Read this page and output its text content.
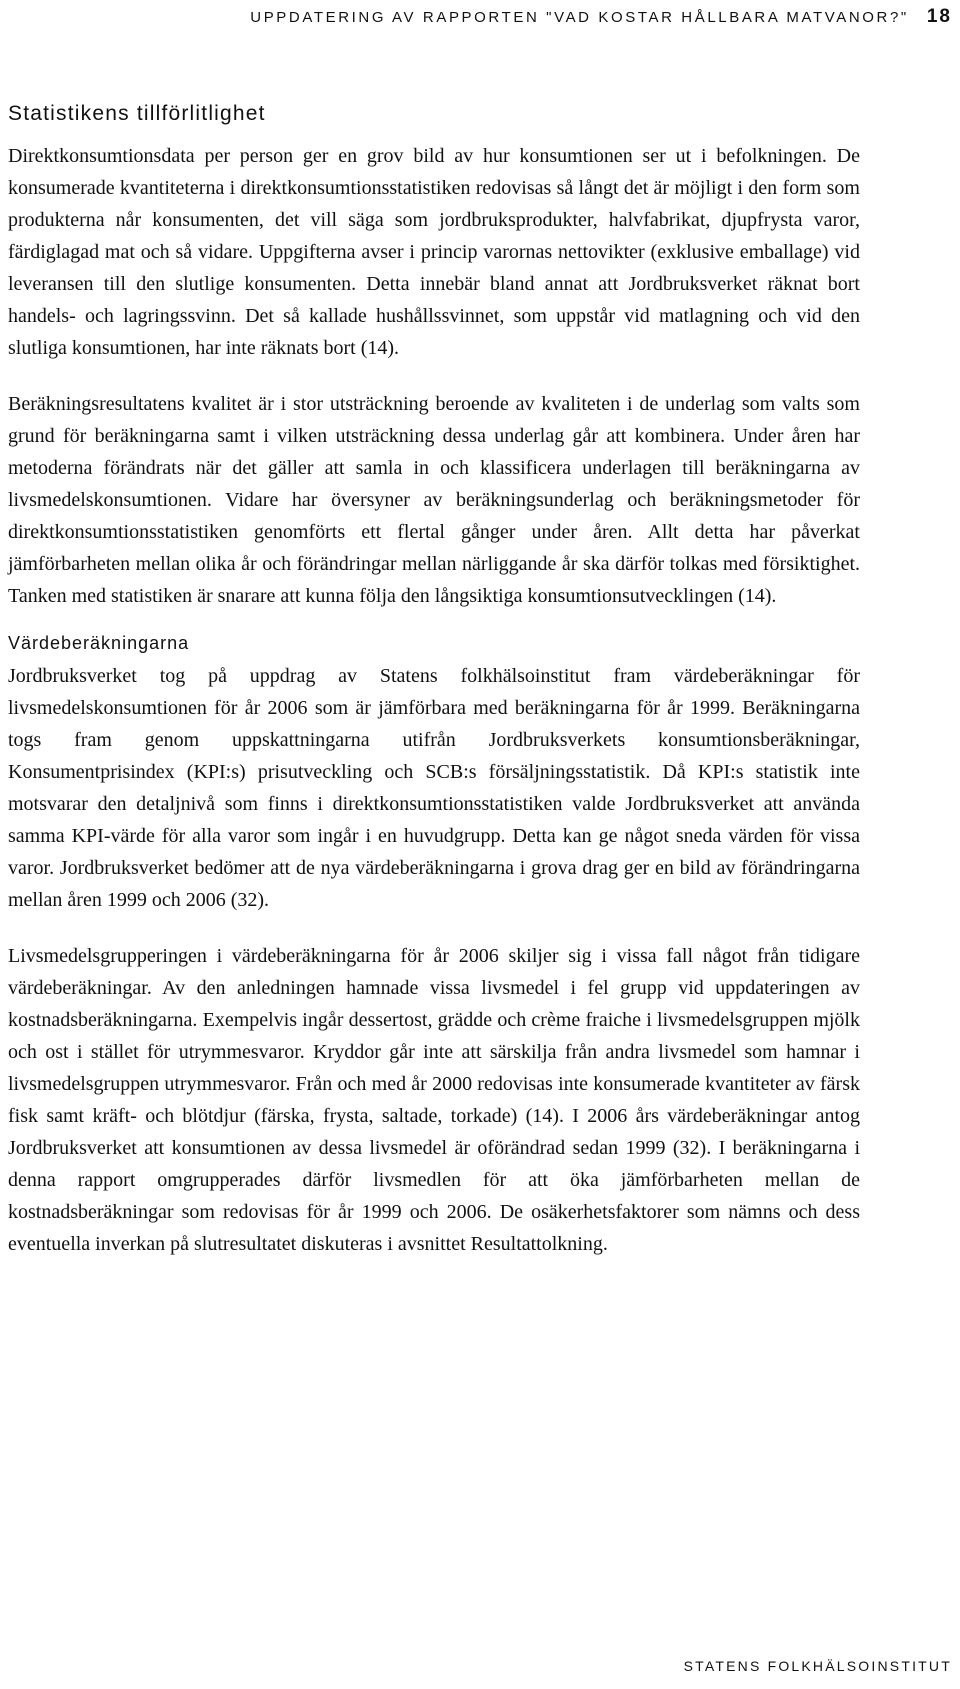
UPPDATERING AV RAPPORTEN "VAD KOSTAR HÅLLBARA MATVANOR?" 18
Statistikens tillförlitlighet

Direktkonsumtionsdata per person ger en grov bild av hur konsumtionen ser ut i befolkningen. De konsumerade kvantiteterna i direktkonsumtionsstatistiken redovisas så långt det är möjligt i den form som produkterna når konsumenten, det vill säga som jordbruksprodukter, halvfabrikat, djupfrysta varor, färdiglagad mat och så vidare. Uppgifterna avser i princip varornas nettovikter (exklusive emballage) vid leveransen till den slutlige konsumenten. Detta innebär bland annat att Jordbruksverket räknat bort handels- och lagringssvinn. Det så kallade hushållssvinnet, som uppstår vid matlagning och vid den slutliga konsumtionen, har inte räknats bort (14).

Beräkningsresultatens kvalitet är i stor utsträckning beroende av kvaliteten i de underlag som valts som grund för beräkningarna samt i vilken utsträckning dessa underlag går att kombinera. Under åren har metoderna förändrats när det gäller att samla in och klassificera underlagen till beräkningarna av livsmedelskonsumtionen. Vidare har översyner av beräkningsunderlag och beräkningsmetoder för direktkonsumtionsstatistiken genomförts ett flertal gånger under åren. Allt detta har påverkat jämförbarheten mellan olika år och förändringar mellan närliggande år ska därför tolkas med försiktighet. Tanken med statistiken är snarare att kunna följa den långsiktiga konsumtionsutvecklingen (14).

Värdeberäkningarna

Jordbruksverket tog på uppdrag av Statens folkhälsoinstitut fram värdeberäkningar för livsmedelskonsumtionen för år 2006 som är jämförbara med beräkningarna för år 1999. Beräkningarna togs fram genom uppskattningarna utifrån Jordbruksverkets konsumtionsberäkningar, Konsumentprisindex (KPI:s) prisutveckling och SCB:s försäljningsstatistik. Då KPI:s statistik inte motsvarar den detaljnivå som finns i direktkonsumtionsstatistiken valde Jordbruksverket att använda samma KPI-värde för alla varor som ingår i en huvudgrupp. Detta kan ge något sneda värden för vissa varor. Jordbruksverket bedömer att de nya värdeberäkningarna i grova drag ger en bild av förändringarna mellan åren 1999 och 2006 (32).

Livsmedelsgrupperingen i värdeberäkningarna för år 2006 skiljer sig i vissa fall något från tidigare värdeberäkningar. Av den anledningen hamnade vissa livsmedel i fel grupp vid uppdateringen av kostnadsberäkningarna. Exempelvis ingår dessertost, grädde och crème fraiche i livsmedelsgruppen mjölk och ost i stället för utrymmesvaror. Kryddor går inte att särskilja från andra livsmedel som hamnar i livsmedelsgruppen utrymmesvaror. Från och med år 2000 redovisas inte konsumerade kvantiteter av färsk fisk samt kräft- och blötdjur (färska, frysta, saltade, torkade) (14). I 2006 års värdeberäkningar antog Jordbruksverket att konsumtionen av dessa livsmedel är oförändrad sedan 1999 (32). I beräkningarna i denna rapport omgrupperades därför livsmedlen för att öka jämförbarheten mellan de kostnadsberäkningar som redovisas för år 1999 och 2006. De osäkerhetsfaktorer som nämns och dess eventuella inverkan på slutresultatet diskuteras i avsnittet Resultattolkning.

STATENS FOLKHÄLSOINSTITUT
